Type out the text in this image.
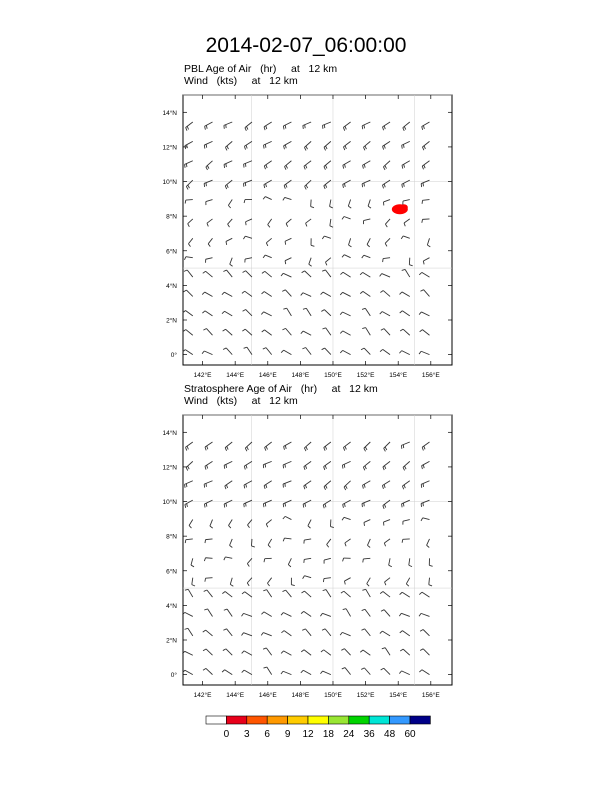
2014-02-07_06:00:00
PBL Age of Air   (hr)     at   12 km
Wind   (kts)     at   12 km
Stratosphere Age of Air   (hr)     at   12 km
Wind   (kts)     at   12 km
142°E 144°E 146°E 148°E 150°E 152°E 154°E 156°E
0°
2°N
4°N
6°N
8°N
10°N
12°N
14°N
142°E 144°E 146°E 148°E 150°E 152°E 154°E 156°E
0°
2°N
4°N
6°N
8°N
10°N
12°N
14°N
0 3 6 9 12 18 24 36 48 60
